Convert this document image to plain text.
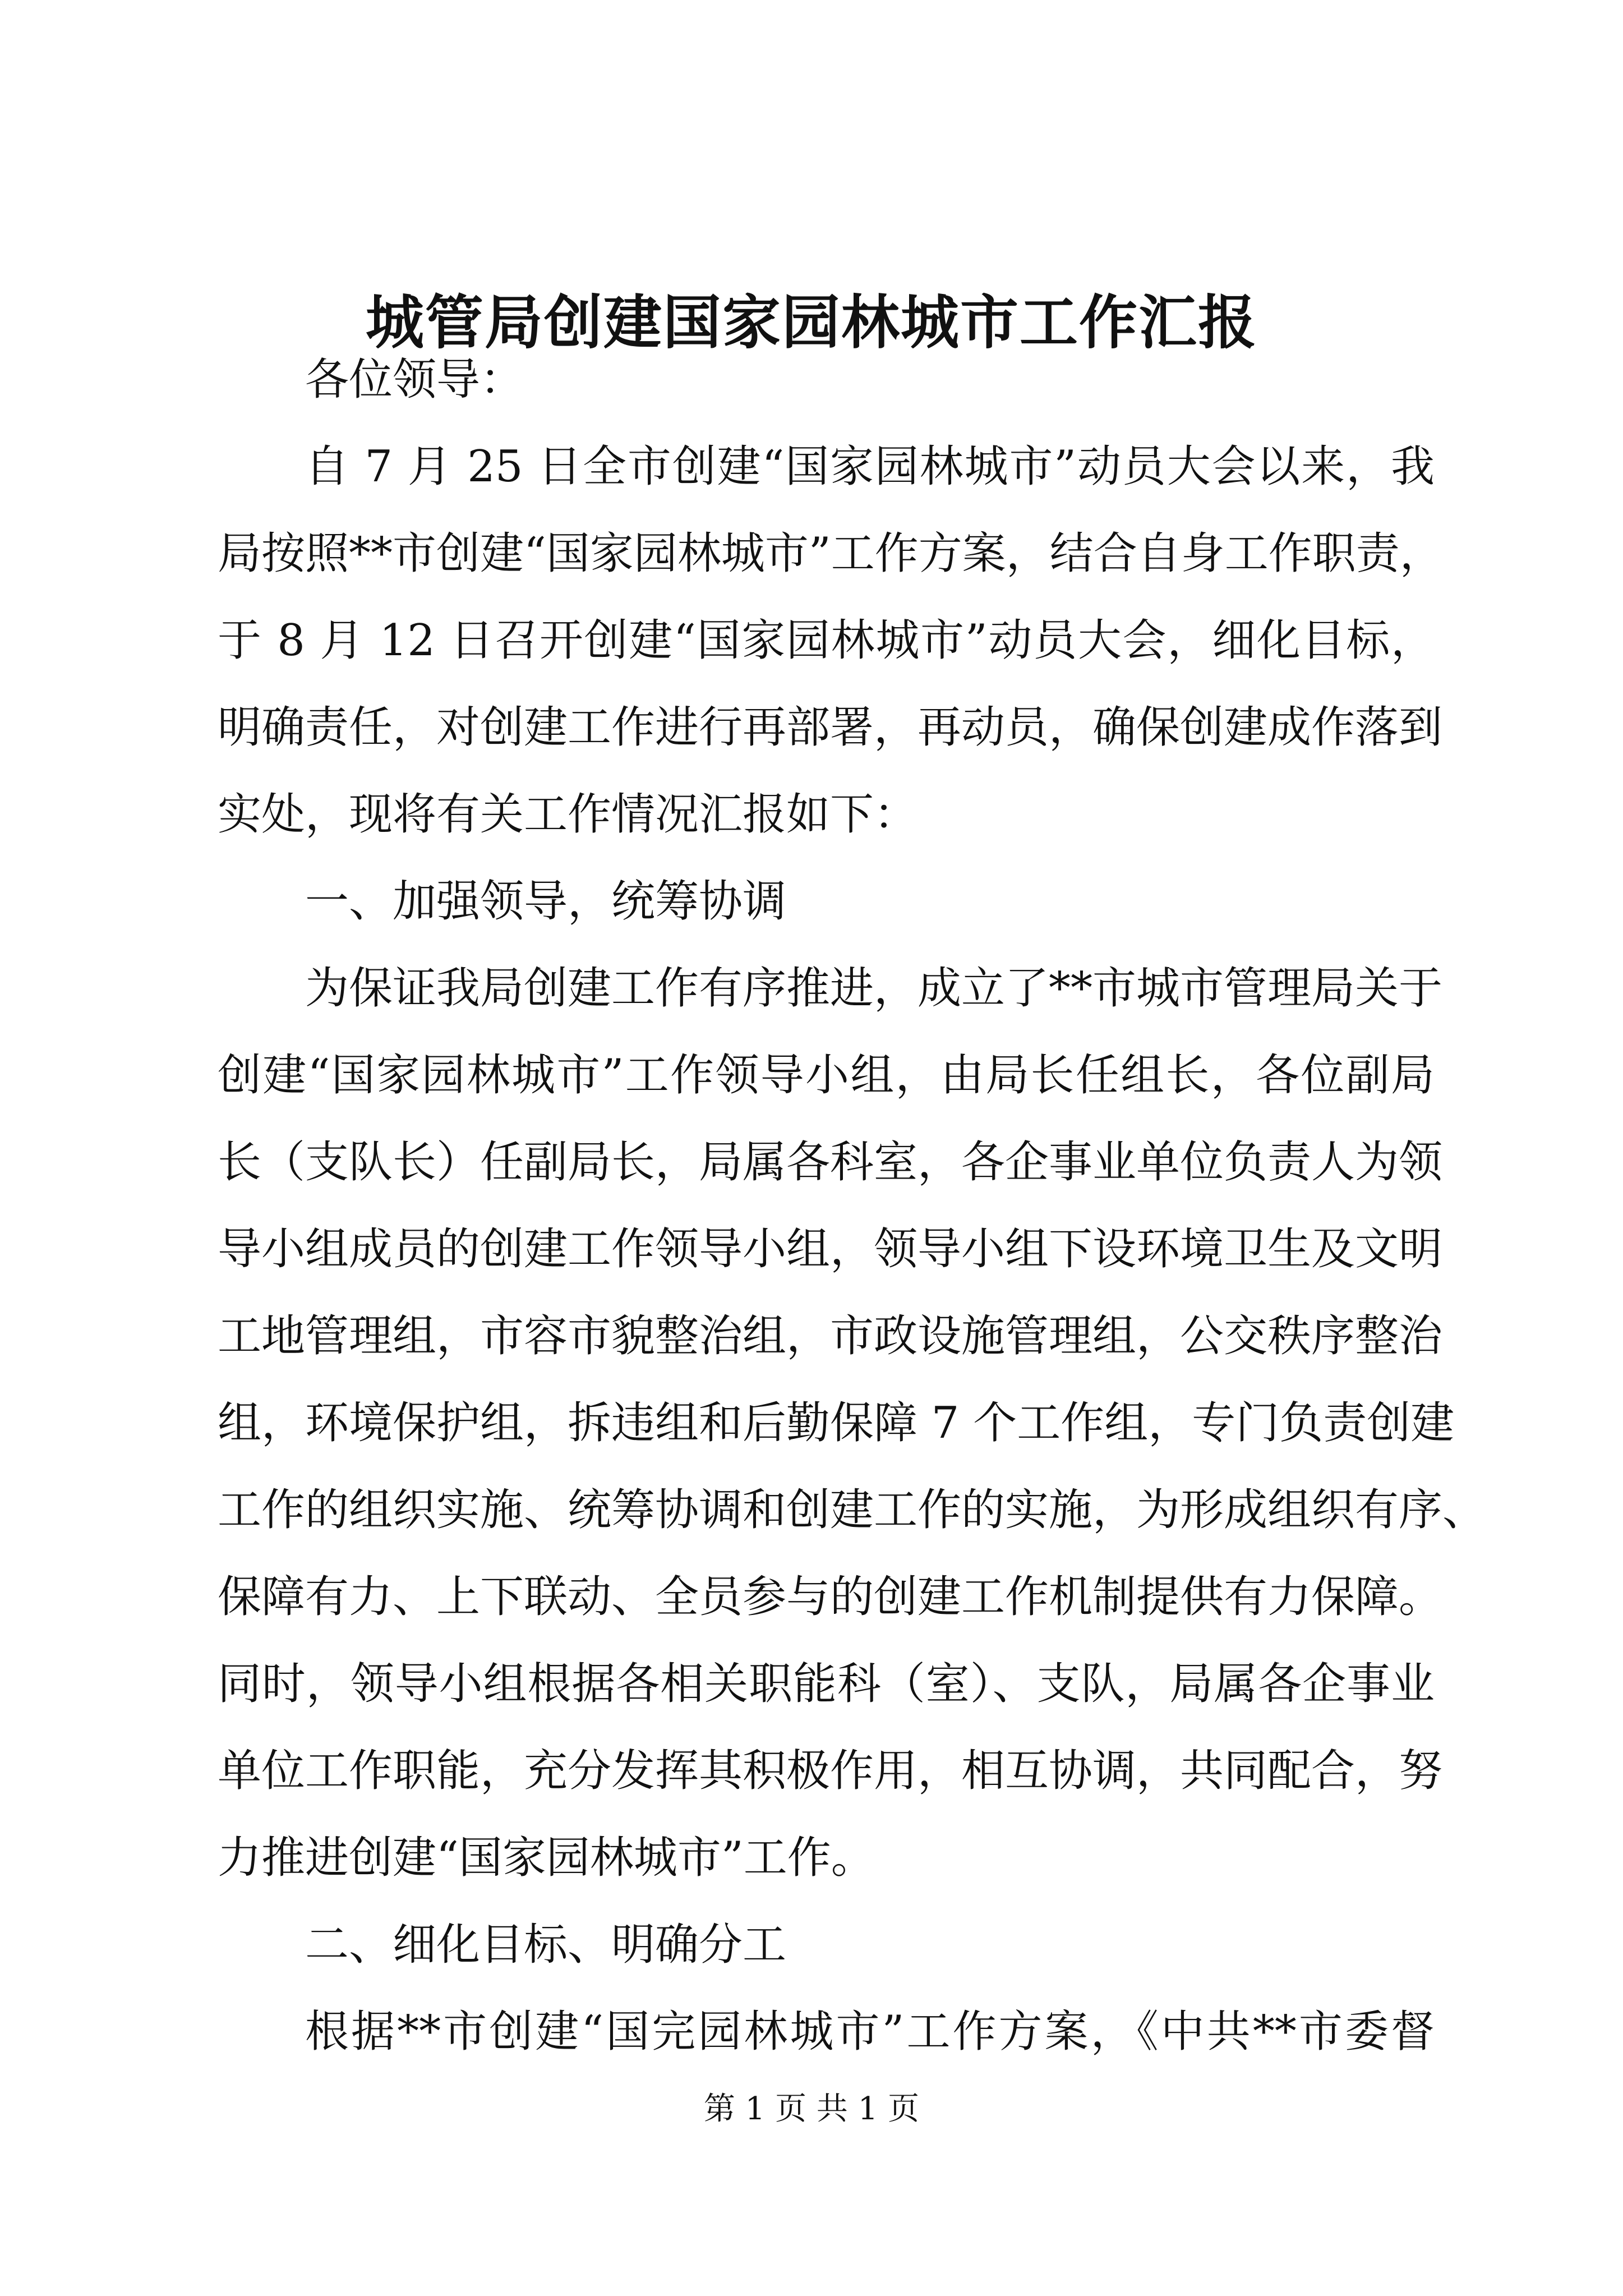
城管局创建国家园林城市工作汇报
各位领导：
自 7 月 25 日全市创建“国家园林城市”动员大会以来，我
局按照**市创建“国家园林城市”工作方案，结合自身工作职责，
于 8 月 12 日召开创建“国家园林城市”动员大会，细化目标，
明确责任，对创建工作进行再部署，再动员，确保创建成作落到
实处，现将有关工作情况汇报如下：
一、加强领导，统筹协调
为保证我局创建工作有序推进，成立了**市城市管理局关于
创建“国家园林城市”工作领导小组，由局长任组长，各位副局
长（支队长）任副局长，局属各科室，各企事业单位负责人为领
导小组成员的创建工作领导小组，领导小组下设环境卫生及文明
工地管理组，市容市貌整治组，市政设施管理组，公交秩序整治
组，环境保护组，拆违组和后勤保障 7 个工作组，专门负责创建
工作的组织实施、统筹协调和创建工作的实施，为形成组织有序、
保障有力、上下联动、全员参与的创建工作机制提供有力保障。
同时，领导小组根据各相关职能科（室）、支队，局属各企事业
单位工作职能，充分发挥其积极作用，相互协调，共同配合，努
力推进创建“国家园林城市”工作。
二、细化目标、明确分工
根据**市创建“国完园林城市”工作方案，《中共**市委督
第 1 页 共 1 页
